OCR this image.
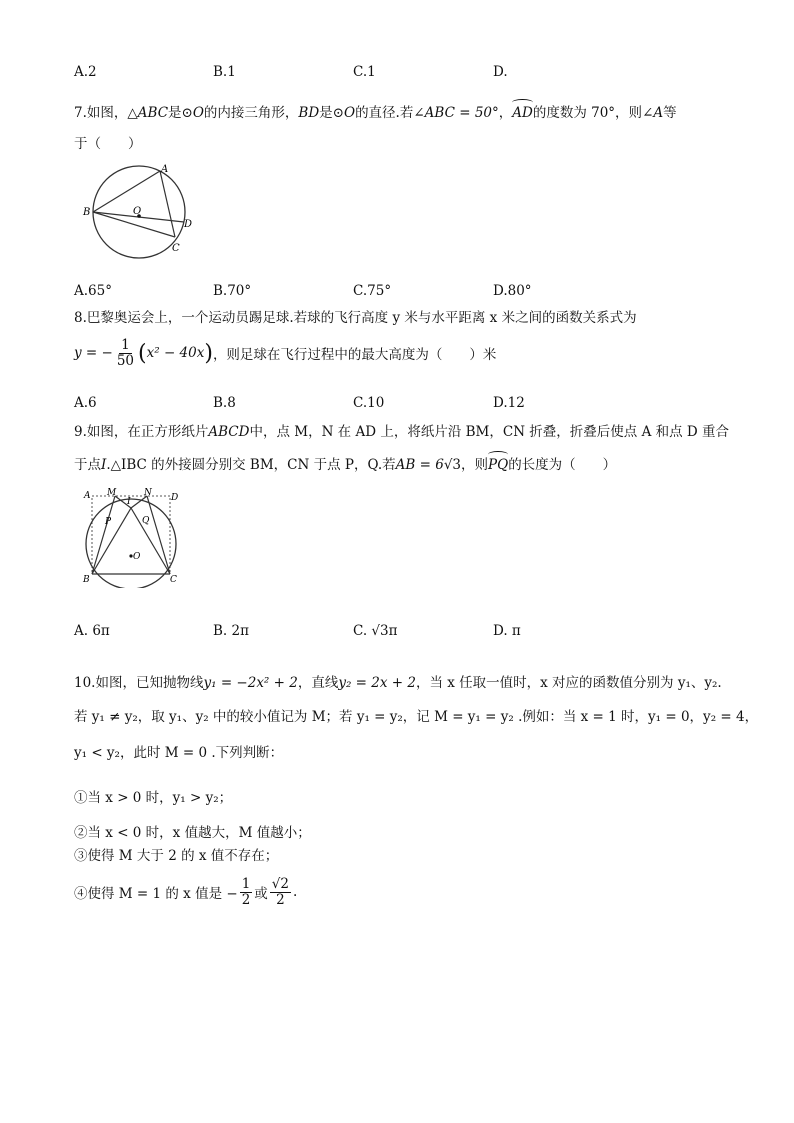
A.2	B.1	C.1	D.
7.如图，△ABC是⊙O的内接三角形，BD是⊙O的直径.若∠ABC = 50°，AD的度数为 70°，则∠A等
于（　　）
A
B
C
D
O
A.65°	B.70°	C.75°	D.80°
8.巴黎奥运会上，一个运动员踢足球.若球的飞行高度 y 米与水平距离 x 米之间的函数关系式为
y = − $\frac{1}{50}$ ( x² − 40x ) ，则足球在飞行过程中的最大高度为（　　）米
A.6	B.8	C.10	D.12
9.如图，在正方形纸片ABCD中，点 M，N 在 AD 上，将纸片沿 BM，CN 折叠，折叠后使点 A 和点 D 重合
于点I.△IBC 的外接圆分别交 BM，CN 于点 P，Q.若AB = 6√3，则PQ的长度为（　　）
A M
I
N D
P	Q
O
B	C
A. 6π	B. 2π	C. √3π	D. π
10.如图，已知抛物线y₁ = −2x² + 2，直线y₂ = 2x + 2，当 x 任取一值时，x 对应的函数值分别为 y₁、y₂.
若 y₁ ≠ y₂，取 y₁、y₂ 中的较小值记为 M；若 y₁ = y₂，记 M = y₁ = y₂ .例如：当 x = 1 时，y₁ = 0，y₂ = 4，
y₁ < y₂，此时 M = 0 .下列判断：
①当 x > 0 时，y₁ > y₂；
②当 x < 0 时，x 值越大，M 值越小；
③使得 M 大于 2 的 x 值不存在；
④使得 M = 1 的 x 值是 − $\frac{1}{2}$ 或 $\frac{√2}{2}$ .
